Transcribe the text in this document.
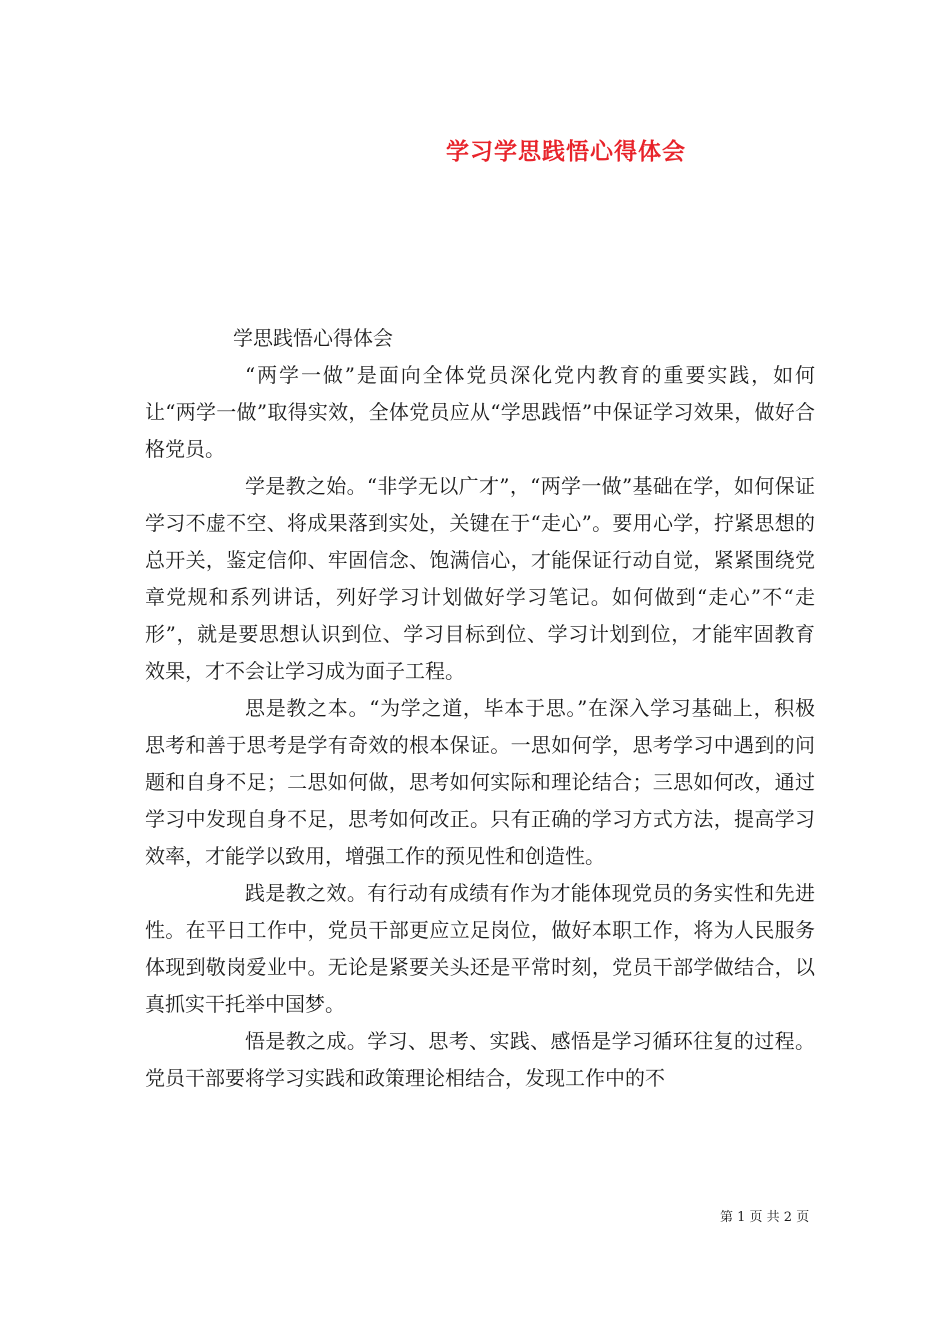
学习学思践悟心得体会

学思践悟心得体会

“两学一做”是面向全体党员深化党内教育的重要实践，如何让“两学一做”取得实效，全体党员应从“学思践悟”中保证学习效果，做好合格党员。

学是教之始。“非学无以广才”，“两学一做”基础在学，如何保证学习不虚不空、将成果落到实处，关键在于“走心”。要用心学，拧紧思想的总开关，鉴定信仰、牢固信念、饱满信心，才能保证行动自觉，紧紧围绕党章党规和系列讲话，列好学习计划做好学习笔记。如何做到“走心”不“走形”，就是要思想认识到位、学习目标到位、学习计划到位，才能牢固教育效果，才不会让学习成为面子工程。

思是教之本。“为学之道，毕本于思。”在深入学习基础上，积极思考和善于思考是学有奇效的根本保证。一思如何学，思考学习中遇到的问题和自身不足；二思如何做，思考如何实际和理论结合；三思如何改，通过学习中发现自身不足，思考如何改正。只有正确的学习方式方法，提高学习效率，才能学以致用，增强工作的预见性和创造性。

践是教之效。有行动有成绩有作为才能体现党员的务实性和先进性。在平日工作中，党员干部更应立足岗位，做好本职工作，将为人民服务体现到敬岗爱业中。无论是紧要关头还是平常时刻，党员干部学做结合，以真抓实干托举中国梦。

悟是教之成。学习、思考、实践、感悟是学习循环往复的过程。党员干部要将学习实践和政策理论相结合，发现工作中的不

第 1 页 共 2 页
